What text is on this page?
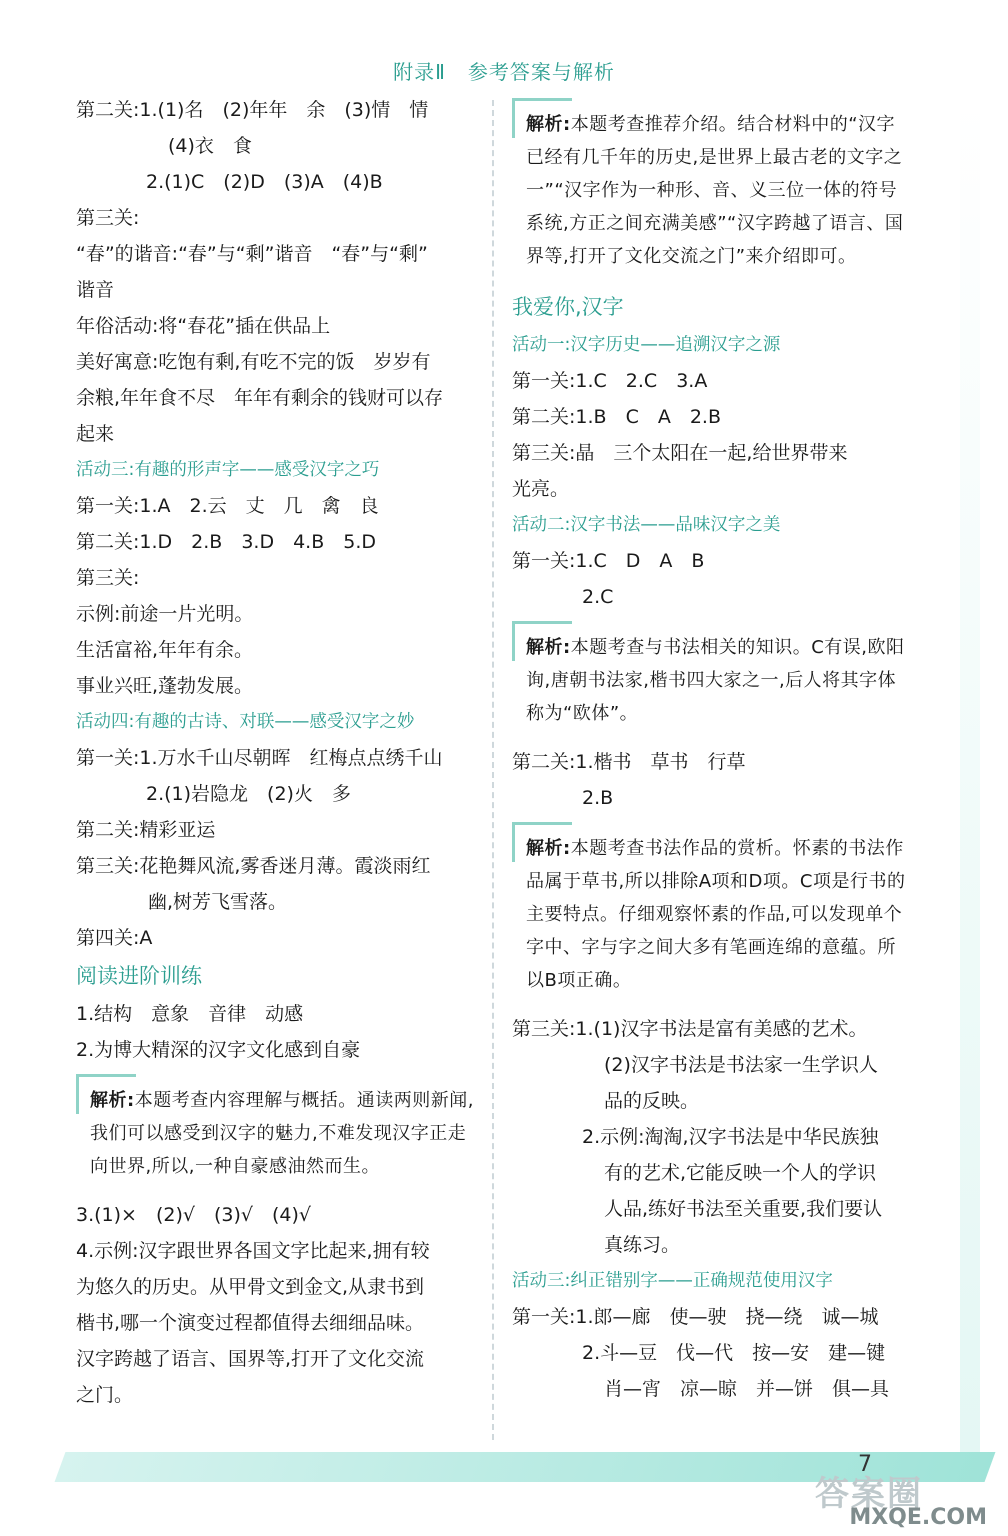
附录Ⅱ 参考答案与解析
第二关:1.(1)名　(2)年年　余　(3)情　情
(4)衣　食
2.(1)C　(2)D　(3)A　(4)B
第三关:
“春”的谐音:“春”与“剩”谐音　“春”与“剩”
谐音
年俗活动:将“春花”插在供品上
美好寓意:吃饱有剩,有吃不完的饭　岁岁有
余粮,年年食不尽　年年有剩余的钱财可以存
起来
活动三:有趣的形声字——感受汉字之巧
第一关:1.A　2.云　丈　几　禽　良
第二关:1.D　2.B　3.D　4.B　5.D
第三关:
示例:前途一片光明。
生活富裕,年年有余。
事业兴旺,蓬勃发展。
活动四:有趣的古诗、对联——感受汉字之妙
第一关:1.万水千山尽朝晖　红梅点点绣千山
2.(1)岩隐龙　(2)火　多
第二关:精彩亚运
第三关:花艳舞风流,雾香迷月薄。霞淡雨红
幽,树芳飞雪落。
第四关:A
阅读进阶训练
1.结构　意象　音律　动感
2.为博大精深的汉字文化感到自豪
解析:本题考查内容理解与概括。通读两则新闻,我们可以感受到汉字的魅力,不难发现汉字正走向世界,所以,一种自豪感油然而生。
3.(1)×　(2)√　(3)√　(4)√
4.示例:汉字跟世界各国文字比起来,拥有较
为悠久的历史。从甲骨文到金文,从隶书到
楷书,哪一个演变过程都值得去细细品味。
汉字跨越了语言、国界等,打开了文化交流
之门。
解析:本题考查推荐介绍。结合材料中的“汉字已经有几千年的历史,是世界上最古老的文字之一”“汉字作为一种形、音、义三位一体的符号系统,方正之间充满美感”“汉字跨越了语言、国界等,打开了文化交流之门”来介绍即可。
我爱你,汉字
活动一:汉字历史——追溯汉字之源
第一关:1.C　2.C　3.A
第二关:1.B　C　A　2.B
第三关:晶　三个太阳在一起,给世界带来
光亮。
活动二:汉字书法——品味汉字之美
第一关:1.C　D　A　B
2.C
解析:本题考查与书法相关的知识。C有误,欧阳询,唐朝书法家,楷书四大家之一,后人将其字体称为“欧体”。
第二关:1.楷书　草书　行草
2.B
解析:本题考查书法作品的赏析。怀素的书法作品属于草书,所以排除A项和D项。C项是行书的主要特点。仔细观察怀素的作品,可以发现单个字中、字与字之间大多有笔画连绵的意蕴。所以B项正确。
第三关:1.(1)汉字书法是富有美感的艺术。
(2)汉字书法是书法家一生学识人
品的反映。
2.示例:淘淘,汉字书法是中华民族独
有的艺术,它能反映一个人的学识
人品,练好书法至关重要,我们要认
真练习。
活动三:纠正错别字——正确规范使用汉字
第一关:1.郎—廊　使—驶　挠—绕　诚—城
2.斗—豆　伐—代　按—安　建—键
肖—宵　凉—晾　并—饼　俱—具
7
答案圈
MXQE.COM
